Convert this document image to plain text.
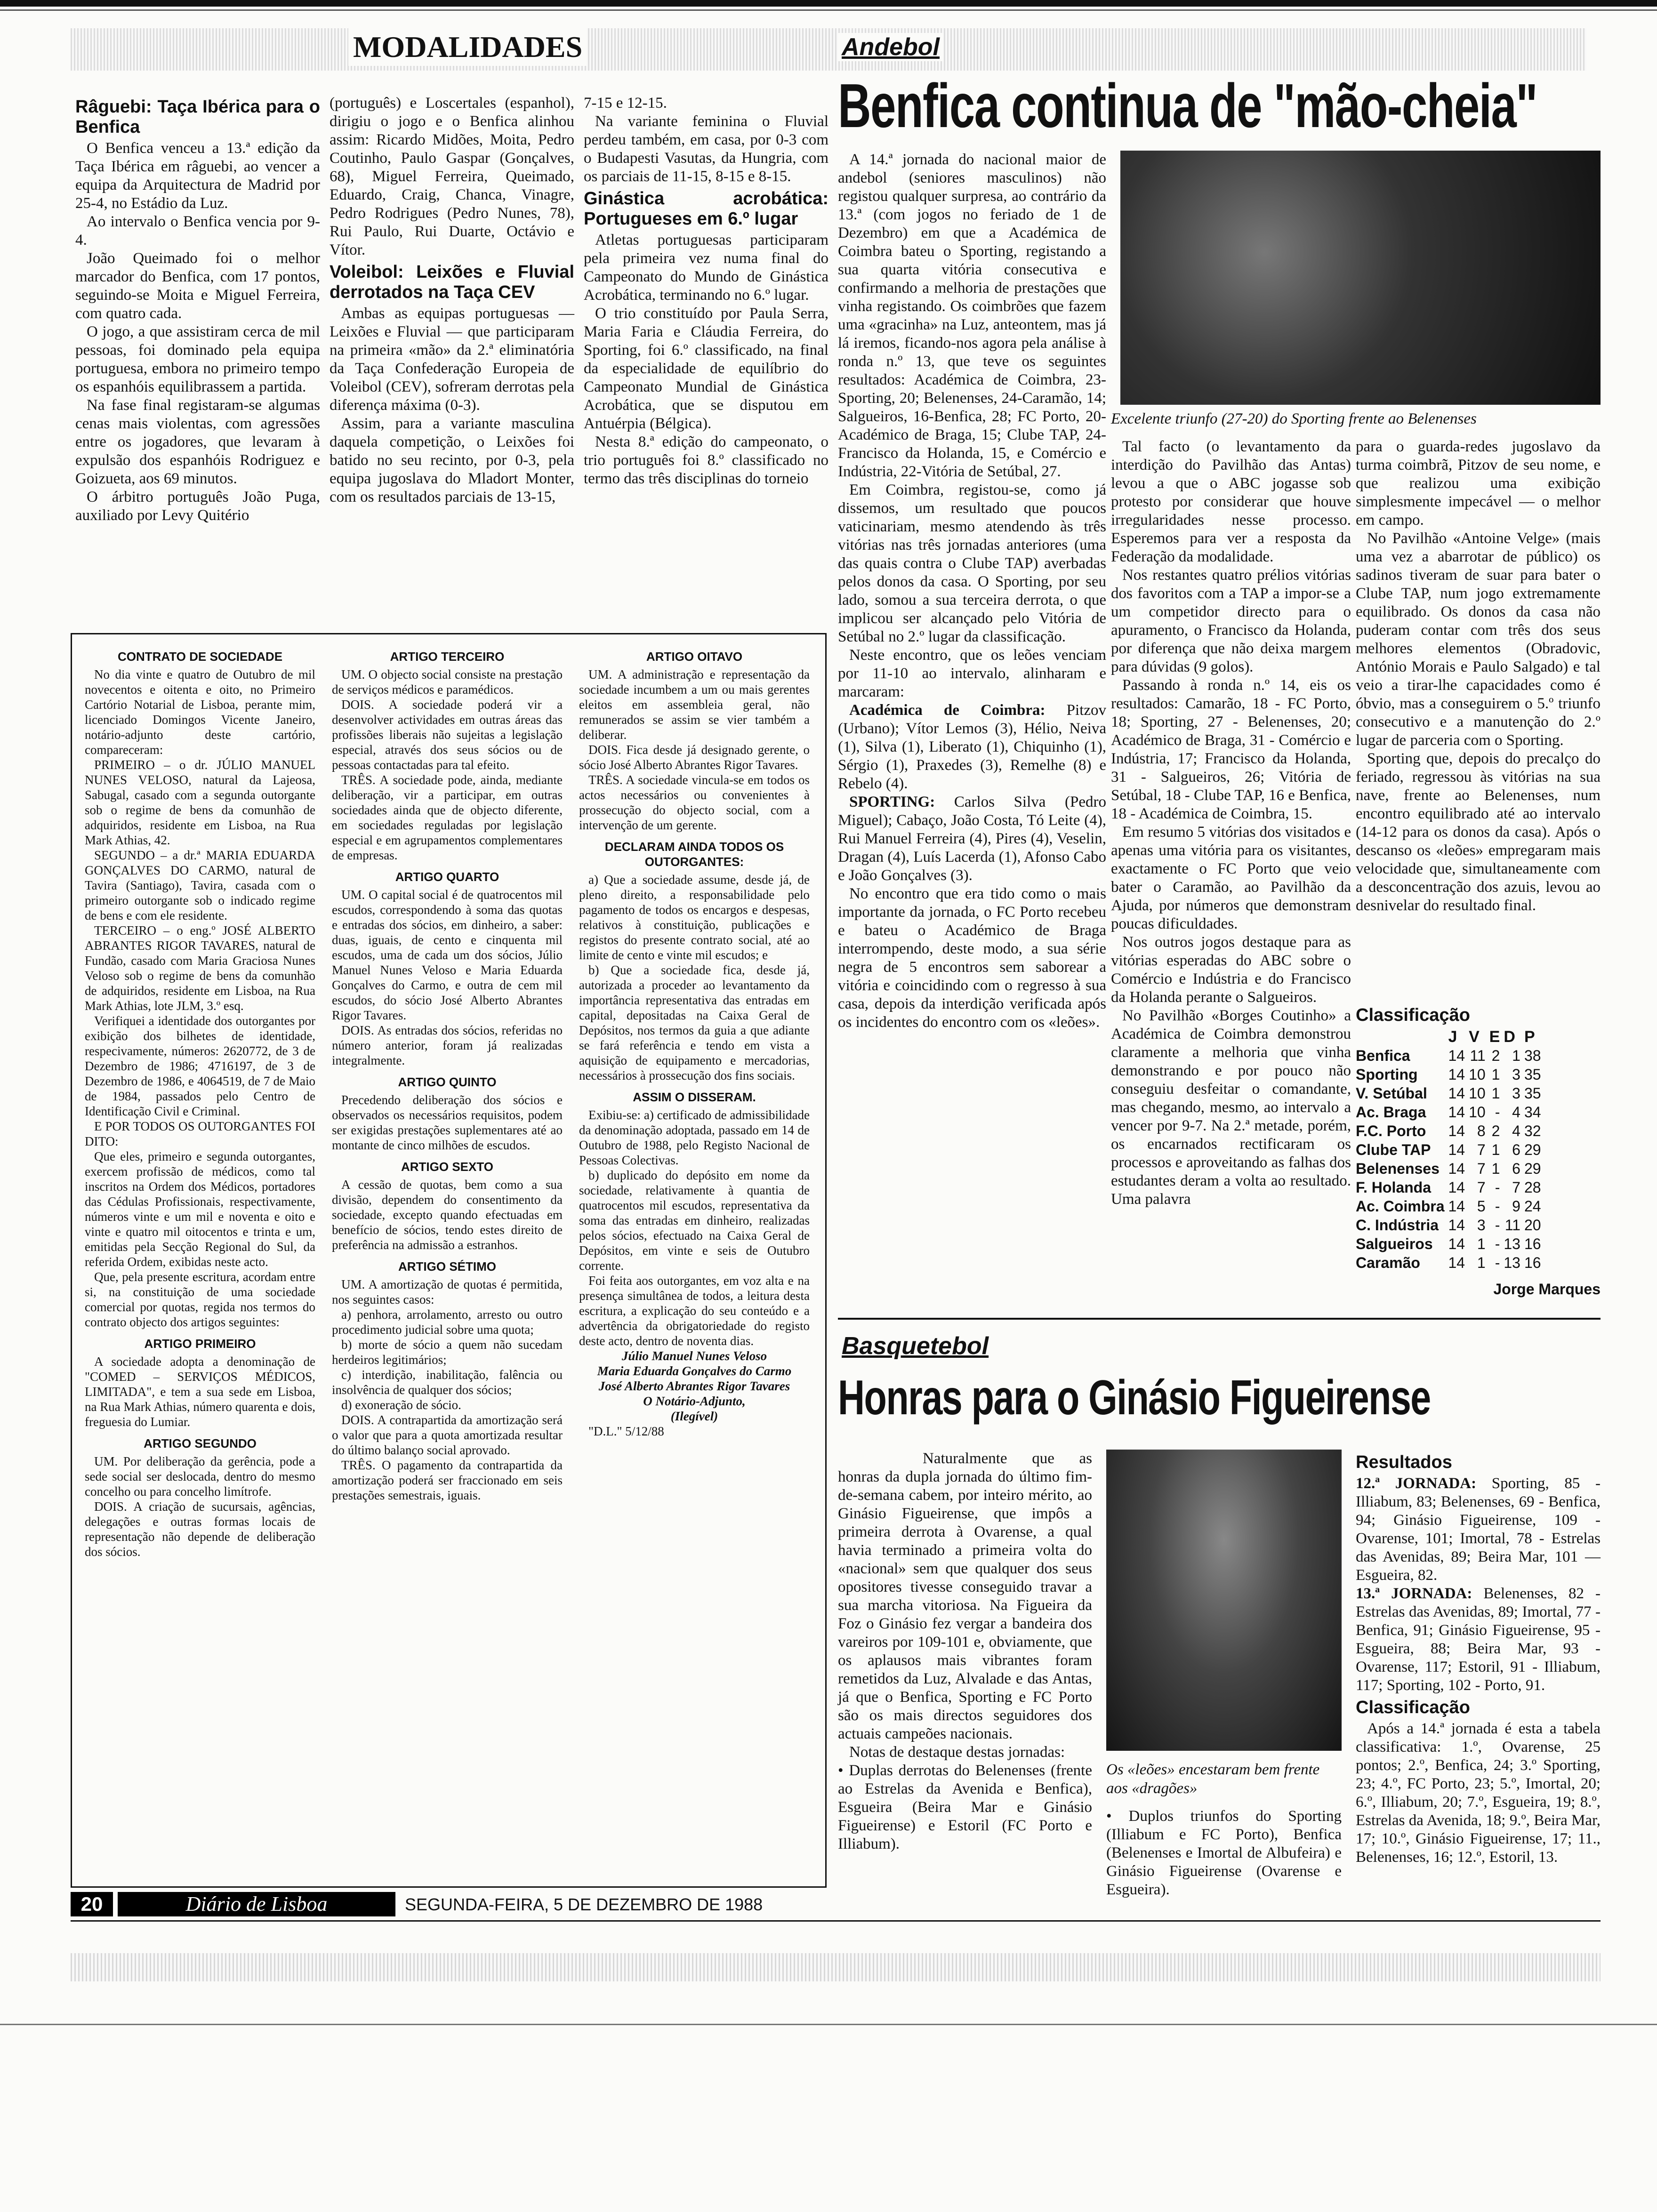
MODALIDADES	Andebol
Benfica continua de "mão-cheia"
Râguebi: Taça Ibérica para o Benfica

O Benfica venceu a 13.ª edição da Taça Ibérica em râguebi, ao vencer a equipa da Arquitectura de Madrid por 25-4, no Estádio da Luz.

Ao intervalo o Benfica vencia por 9-4.

João Queimado foi o melhor marcador do Benfica, com 17 pontos, seguindo-se Moita e Miguel Ferreira, com quatro cada.

O jogo, a que assistiram cerca de mil pessoas, foi dominado pela equipa portuguesa, embora no primeiro tempo os espanhóis equilibrassem a partida.

Na fase final registaram-se algumas cenas mais violentas, com agressões entre os jogadores, que levaram à expulsão dos espanhóis Rodriguez e Goizueta, aos 69 minutos.

O árbitro português João Puga, auxiliado por Levy Quitério

(português) e Loscertales (espanhol), dirigiu o jogo e o Benfica alinhou assim: Ricardo Midões, Moita, Pedro Coutinho, Paulo Gaspar (Gonçalves, 68), Miguel Ferreira, Queimado, Eduardo, Craig, Chanca, Vinagre, Pedro Rodrigues (Pedro Nunes, 78), Rui Paulo, Rui Duarte, Octávio e Vítor.

Voleibol: Leixões e Fluvial derrotados na Taça CEV

Ambas as equipas portuguesas — Leixões e Fluvial — que participaram na primeira «mão» da 2.ª eliminatória da Taça Confederação Europeia de Voleibol (CEV), sofreram derrotas pela diferença máxima (0-3).

Assim, para a variante masculina daquela competição, o Leixões foi batido no seu recinto, por 0-3, pela equipa jugoslava do Mladort Monter, com os resultados parciais de 13-15,

7-15 e 12-15.

Na variante feminina o Fluvial perdeu também, em casa, por 0-3 com o Budapesti Vasutas, da Hungria, com os parciais de 11-15, 8-15 e 8-15.

Ginástica acrobática: Portugueses em 6.º lugar

Atletas portuguesas participaram pela primeira vez numa final do Campeonato do Mundo de Ginástica Acrobática, terminando no 6.º lugar.

O trio constituído por Paula Serra, Maria Faria e Cláudia Ferreira, do Sporting, foi 6.º classificado, na final da especialidade de equilíbrio do Campeonato Mundial de Ginástica Acrobática, que se disputou em Antuérpia (Bélgica).

Nesta 8.ª edição do campeonato, o trio português foi 8.º classificado no termo das três disciplinas do torneio

Excelente triunfo (27-20) do Sporting frente ao Belenenses

A 14.ª jornada do nacional maior de andebol (seniores masculinos) não registou qualquer surpresa, ao contrário da 13.ª (com jogos no feriado de 1 de Dezembro) em que a Académica de Coimbra bateu o Sporting, registando a sua quarta vitória consecutiva e confirmando a melhoria de prestações que vinha registando. Os coimbrões que fazem uma «gracinha» na Luz, anteontem, mas já lá iremos, ficando-nos agora pela análise à ronda n.º 13, que teve os seguintes resultados: Académica de Coimbra, 23-Sporting, 20; Belenenses, 24-Caramão, 14; Salgueiros, 16-Benfica, 28; FC Porto, 20-Académico de Braga, 15; Clube TAP, 24-Francisco da Holanda, 15, e Comércio e Indústria, 22-Vitória de Setúbal, 27.

Em Coimbra, registou-se, como já dissemos, um resultado que poucos vaticinariam, mesmo atendendo às três vitórias nas três jornadas anteriores (uma das quais contra o Clube TAP) averbadas pelos donos da casa. O Sporting, por seu lado, somou a sua terceira derrota, o que implicou ser alcançado pelo Vitória de Setúbal no 2.º lugar da classificação.

Neste encontro, que os leões venciam por 11-10 ao intervalo, alinharam e marcaram:

Académica de Coimbra: Pitzov (Urbano); Vítor Lemos (3), Hélio, Neiva (1), Silva (1), Liberato (1), Chiquinho (1), Sérgio (1), Praxedes (3), Remelhe (8) e Rebelo (4).

SPORTING: Carlos Silva (Pedro Miguel); Cabaço, João Costa, Tó Leite (4), Rui Manuel Ferreira (4), Pires (4), Veselin, Dragan (4), Luís Lacerda (1), Afonso Cabo e João Gonçalves (3).

No encontro que era tido como o mais importante da jornada, o FC Porto recebeu e bateu o Académico de Braga interrompendo, deste modo, a sua série negra de 5 encontros sem saborear a vitória e coincidindo com o regresso à sua casa, depois da interdição verificada após os incidentes do encontro com os «leões».

Tal facto (o levantamento da interdição do Pavilhão das Antas) levou a que o ABC jogasse sob protesto por considerar que houve irregularidades nesse processo. Esperemos para ver a resposta da Federação da modalidade.

Nos restantes quatro prélios vitórias dos favoritos com a TAP a impor-se a um competidor directo para o apuramento, o Francisco da Holanda, por diferença que não deixa margem para dúvidas (9 golos).

Passando à ronda n.º 14, eis os resultados: Camarão, 18 - FC Porto, 18; Sporting, 27 - Belenenses, 20; Académico de Braga, 31 - Comércio e Indústria, 17; Francisco da Holanda, 31 - Salgueiros, 26; Vitória de Setúbal, 18 - Clube TAP, 16 e Benfica, 18 - Académica de Coimbra, 15.

Em resumo 5 vitórias dos visitados e apenas uma vitória para os visitantes, exactamente o FC Porto que veio bater o Caramão, ao Pavilhão da Ajuda, por números que demonstram poucas dificuldades.

Nos outros jogos destaque para as vitórias esperadas do ABC sobre o Comércio e Indústria e do Francisco da Holanda perante o Salgueiros.

No Pavilhão «Borges Coutinho» a Académica de Coimbra demonstrou claramente a melhoria que vinha demonstrando e por pouco não conseguiu desfeitar o comandante, mas chegando, mesmo, ao intervalo a vencer por 9-7. Na 2.ª metade, porém, os encarnados rectificaram os processos e aproveitando as falhas dos estudantes deram a volta ao resultado. Uma palavra

para o guarda-redes jugoslavo da turma coimbrã, Pitzov de seu nome, e que realizou uma exibição simplesmente impecável — o melhor em campo.

No Pavilhão «Antoine Velge» (mais uma vez a abarrotar de público) os sadinos tiveram de suar para bater o Clube TAP, num jogo extremamente equilibrado. Os donos da casa não puderam contar com três dos seus melhores elementos (Obradovic, António Morais e Paulo Salgado) e tal veio a tirar-lhe capacidades como é óbvio, mas a conseguirem o 5.º triunfo consecutivo e a manutenção do 2.º lugar de parceria com o Sporting.

Sporting que, depois do precalço do feriado, regressou às vitórias na sua nave, frente ao Belenenses, num encontro equilibrado até ao intervalo (14-12 para os donos da casa). Após o descanso os «leões» empregaram mais velocidade que, simultaneamente com a desconcentração dos azuis, levou ao desnivelar do resultado final.

Classificação
	J	V	E	D	P
Benfica	14	11	2	1	38
Sporting	14	10	1	3	35
V. Setúbal	14	10	1	3	35
Ac. Braga	14	10	-	4	34
F.C. Porto	14	8	2	4	32
Clube TAP	14	7	1	6	29
Belenenses	14	7	1	6	29
F. Holanda	14	7	-	7	28
Ac. Coimbra	14	5	-	9	24
C. Indústria	14	3	-	11	20
Salgueiros	14	1	-	13	16
Caramão	14	1	-	13	16
Jorge Marques
CONTRATO DE SOCIEDADE

No dia vinte e quatro de Outubro de mil novecentos e oitenta e oito, no Primeiro Cartório Notarial de Lisboa, perante mim, licenciado Domingos Vicente Janeiro, notário-adjunto deste cartório, compareceram:

PRIMEIRO – o dr. JÚLIO MANUEL NUNES VELOSO, natural da Lajeosa, Sabugal, casado com a segunda outorgante sob o regime de bens da comunhão de adquiridos, residente em Lisboa, na Rua Mark Athias, 42.

SEGUNDO – a dr.ª MARIA EDUARDA GONÇALVES DO CARMO, natural de Tavira (Santiago), Tavira, casada com o primeiro outorgante sob o indicado regime de bens e com ele residente.

TERCEIRO – o eng.º JOSÉ ALBERTO ABRANTES RIGOR TAVARES, natural de Fundão, casado com Maria Graciosa Nunes Veloso sob o regime de bens da comunhão de adquiridos, residente em Lisboa, na Rua Mark Athias, lote JLM, 3.º esq.

Verifiquei a identidade dos outorgantes por exibição dos bilhetes de identidade, respecivamente, números: 2620772, de 3 de Dezembro de 1986; 4716197, de 3 de Dezembro de 1986, e 4064519, de 7 de Maio de 1984, passados pelo Centro de Identificação Civil e Criminal.

E POR TODOS OS OUTORGANTES FOI DITO:

Que eles, primeiro e segunda outorgantes, exercem profissão de médicos, como tal inscritos na Ordem dos Médicos, portadores das Cédulas Profissionais, respectivamente, números vinte e um mil e noventa e oito e vinte e quatro mil oitocentos e trinta e um, emitidas pela Secção Regional do Sul, da referida Ordem, exibidas neste acto.

Que, pela presente escritura, acordam entre si, na constituição de uma sociedade comercial por quotas, regida nos termos do contrato objecto dos artigos seguintes:

ARTIGO PRIMEIRO

A sociedade adopta a denominação de "COMED – SERVIÇOS MÉDICOS, LIMITADA", e tem a sua sede em Lisboa, na Rua Mark Athias, número quarenta e dois, freguesia do Lumiar.

ARTIGO SEGUNDO

UM. Por deliberação da gerência, pode a sede social ser deslocada, dentro do mesmo concelho ou para concelho limítrofe.

DOIS. A criação de sucursais, agências, delegações e outras formas locais de representação não depende de deliberação dos sócios.

ARTIGO TERCEIRO

UM. O objecto social consiste na prestação de serviços médicos e paramédicos.

DOIS. A sociedade poderá vir a desenvolver actividades em outras áreas das profissões liberais não sujeitas a legislação especial, através dos seus sócios ou de pessoas contactadas para tal efeito.

TRÊS. A sociedade pode, ainda, mediante deliberação, vir a participar, em outras sociedades ainda que de objecto diferente, em sociedades reguladas por legislação especial e em agrupamentos complementares de empresas.

ARTIGO QUARTO

UM. O capital social é de quatrocentos mil escudos, correspondendo à soma das quotas e entradas dos sócios, em dinheiro, a saber: duas, iguais, de cento e cinquenta mil escudos, uma de cada um dos sócios, Júlio Manuel Nunes Veloso e Maria Eduarda Gonçalves do Carmo, e outra de cem mil escudos, do sócio José Alberto Abrantes Rigor Tavares.

DOIS. As entradas dos sócios, referidas no número anterior, foram já realizadas integralmente.

ARTIGO QUINTO

Precedendo deliberação dos sócios e observados os necessários requisitos, podem ser exigidas prestações suplementares até ao montante de cinco milhões de escudos.

ARTIGO SEXTO

A cessão de quotas, bem como a sua divisão, dependem do consentimento da sociedade, excepto quando efectuadas em benefício de sócios, tendo estes direito de preferência na admissão a estranhos.

ARTIGO SÉTIMO

UM. A amortização de quotas é permitida, nos seguintes casos:

a) penhora, arrolamento, arresto ou outro procedimento judicial sobre uma quota;

b) morte de sócio a quem não sucedam herdeiros legitimários;

c) interdição, inabilitação, falência ou insolvência de qualquer dos sócios;

d) exoneração de sócio.

DOIS. A contrapartida da amortização será o valor que para a quota amortizada resultar do último balanço social aprovado.

TRÊS. O pagamento da contrapartida da amortização poderá ser fraccionado em seis prestações semestrais, iguais.

ARTIGO OITAVO

UM. A administração e representação da sociedade incumbem a um ou mais gerentes eleitos em assembleia geral, não remunerados se assim se vier também a deliberar.

DOIS. Fica desde já designado gerente, o sócio José Alberto Abrantes Rigor Tavares.

TRÊS. A sociedade vincula-se em todos os actos necessários ou convenientes à prossecução do objecto social, com a intervenção de um gerente.

DECLARAM AINDA TODOS OS OUTORGANTES:

a) Que a sociedade assume, desde já, de pleno direito, a responsabilidade pelo pagamento de todos os encargos e despesas, relativos à constituição, publicações e registos do presente contrato social, até ao limite de cento e vinte mil escudos; e

b) Que a sociedade fica, desde já, autorizada a proceder ao levantamento da importância representativa das entradas em capital, depositadas na Caixa Geral de Depósitos, nos termos da guia a que adiante se fará referência e tendo em vista a aquisição de equipamento e mercadorias, necessários à prossecução dos fins sociais.

ASSIM O DISSERAM.

Exibiu-se: a) certificado de admissibilidade da denominação adoptada, passado em 14 de Outubro de 1988, pelo Registo Nacional de Pessoas Colectivas.

b) duplicado do depósito em nome da sociedade, relativamente à quantia de quatrocentos mil escudos, representativa da soma das entradas em dinheiro, realizadas pelos sócios, efectuado na Caixa Geral de Depósitos, em vinte e seis de Outubro corrente.

Foi feita aos outorgantes, em voz alta e na presença simultânea de todos, a leitura desta escritura, a explicação do seu conteúdo e a advertência da obrigatoriedade do registo deste acto, dentro de noventa dias.

Júlio Manuel Nunes Veloso

Maria Eduarda Gonçalves do Carmo

José Alberto Abrantes Rigor Tavares

O Notário-Adjunto,

(Ilegível)

"D.L." 5/12/88

Basquetebol
Honras para o Ginásio Figueirense

Naturalmente que as honras da dupla jornada do último fim-de-semana cabem, por inteiro mérito, ao Ginásio Figueirense, que impôs a primeira derrota à Ovarense, a qual havia terminado a primeira volta do «nacional» sem que qualquer dos seus opositores tivesse conseguido travar a sua marcha vitoriosa. Na Figueira da Foz o Ginásio fez vergar a bandeira dos vareiros por 109-101 e, obviamente, que os aplausos mais vibrantes foram remetidos da Luz, Alvalade e das Antas, já que o Benfica, Sporting e FC Porto são os mais directos seguidores dos actuais campeões nacionais.

Notas de destaque destas jornadas:

• Duplas derrotas do Belenenses (frente ao Estrelas da Avenida e Benfica), Esgueira (Beira Mar e Ginásio Figueirense) e Estoril (FC Porto e Illiabum).

Os «leões» encestaram bem frente aos «dragões»

• Duplos triunfos do Sporting (Illiabum e FC Porto), Benfica (Belenenses e Imortal de Albufeira) e Ginásio Figueirense (Ovarense e Esgueira).

Resultados

12.ª JORNADA: Sporting, 85 - Illiabum, 83; Belenenses, 69 - Benfica, 94; Ginásio Figueirense, 109 - Ovarense, 101; Imortal, 78 - Estrelas das Avenidas, 89; Beira Mar, 101 — Esgueira, 82.

13.ª JORNADA: Belenenses, 82 - Estrelas das Avenidas, 89; Imortal, 77 - Benfica, 91; Ginásio Figueirense, 95 - Esgueira, 88; Beira Mar, 93 - Ovarense, 117; Estoril, 91 - Illiabum, 117; Sporting, 102 - Porto, 91.

Classificação

Após a 14.ª jornada é esta a tabela classificativa: 1.º, Ovarense, 25 pontos; 2.º, Benfica, 24; 3.º Sporting, 23; 4.º, FC Porto, 23; 5.º, Imortal, 20; 6.º, Illiabum, 20; 7.º, Esgueira, 19; 8.º, Estrelas da Avenida, 18; 9.º, Beira Mar, 17; 10.º, Ginásio Figueirense, 17; 11., Belenenses, 16; 12.º, Estoril, 13.

20	Diário de Lisboa	SEGUNDA-FEIRA, 5 DE DEZEMBRO DE 1988
